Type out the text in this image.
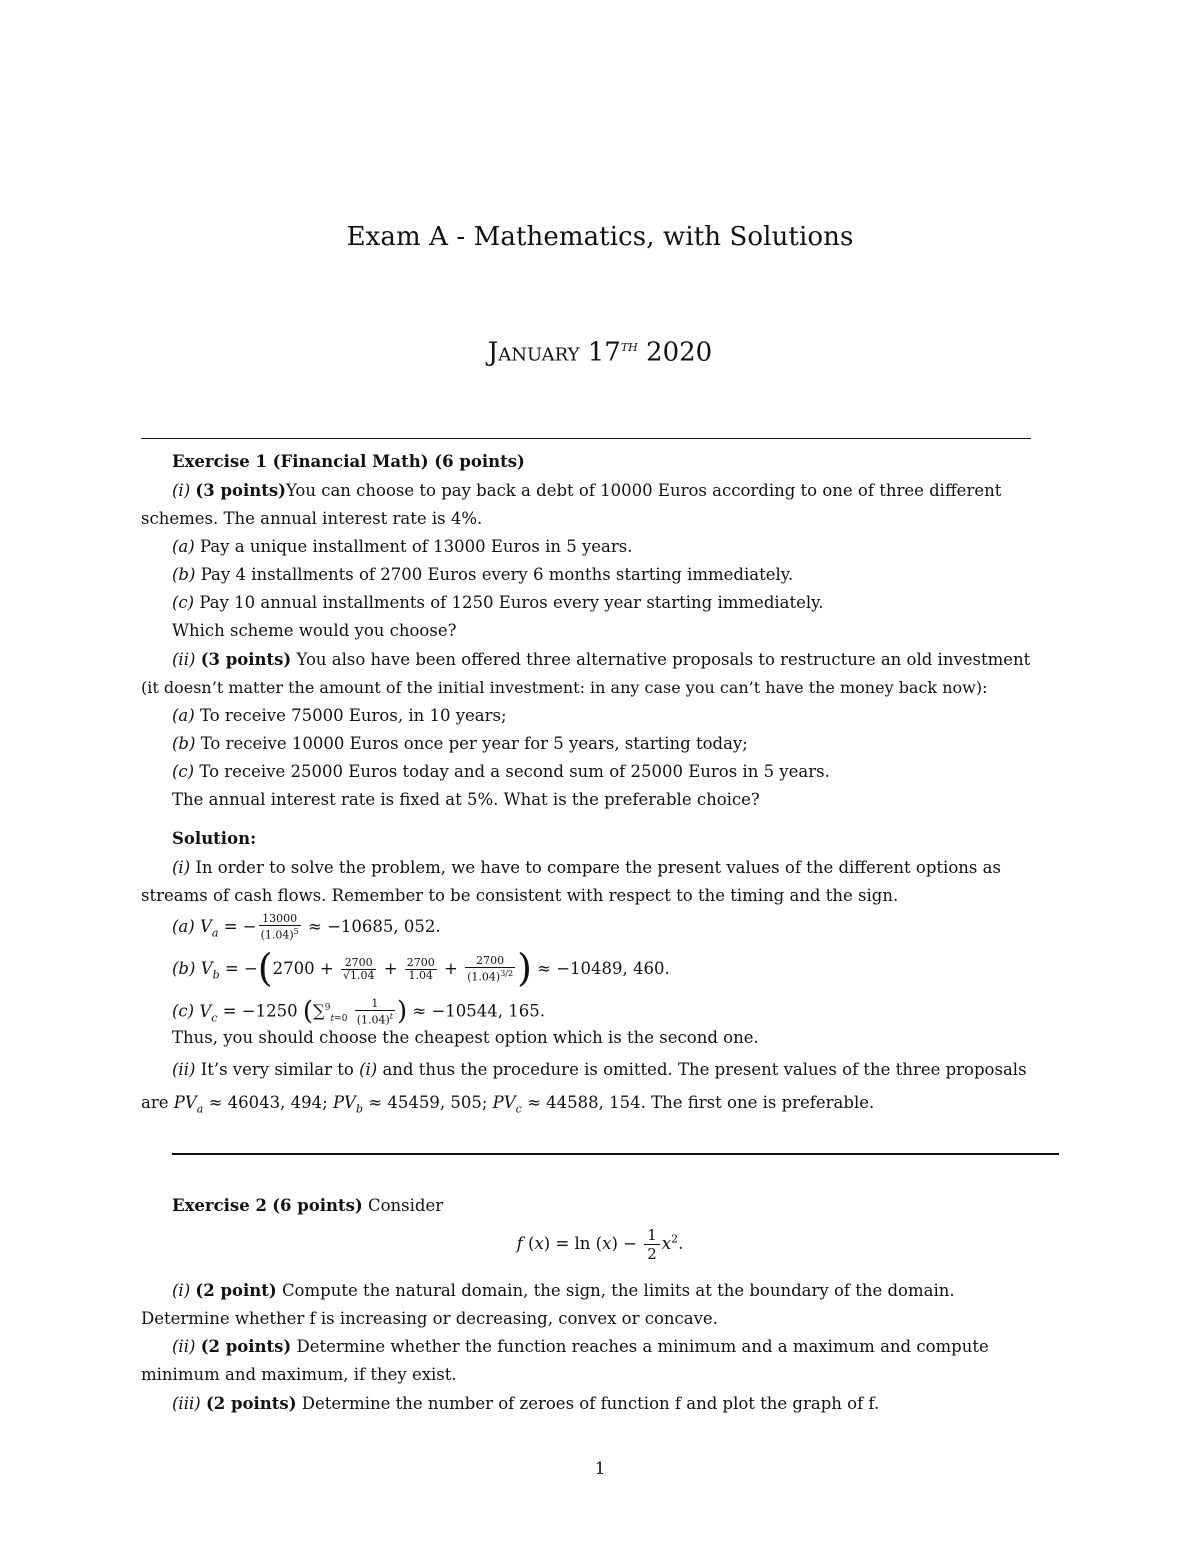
Exam A - Mathematics, with Solutions
January 17th 2020
Exercise 1 (Financial Math) (6 points)
(i) (3 points)You can choose to pay back a debt of 10000 Euros according to one of three different
schemes. The annual interest rate is 4%.
(a) Pay a unique installment of 13000 Euros in 5 years.
(b) Pay 4 installments of 2700 Euros every 6 months starting immediately.
(c) Pay 10 annual installments of 1250 Euros every year starting immediately.
Which scheme would you choose?
(ii) (3 points) You also have been offered three alternative proposals to restructure an old investment
(it doesn’t matter the amount of the initial investment: in any case you can’t have the money back now):
(a) To receive 75000 Euros, in 10 years;
(b) To receive 10000 Euros once per year for 5 years, starting today;
(c) To receive 25000 Euros today and a second sum of 25000 Euros in 5 years.
The annual interest rate is fixed at 5%. What is the preferable choice?
Solution:
(i) In order to solve the problem, we have to compare the present values of the different options as
streams of cash flows. Remember to be consistent with respect to the timing and the sign.
(a) $V_a$ = − $\frac{13000}{(1.04)^5} \approx -10685$, 052.
(b) $V_b = -(2700 + \frac{2700}{√1.04} + \frac{2700}{1.04} + \frac{2700}{(1.04)^{3/2}}$ ) ≈ −10489, 460.
(c) $V_c = -1250$ ($\sum^9_{t=0} \frac{1}{(1.04)^t}$ ) ≈ −10544, 165.
Thus, you should choose the cheapest option which is the second one.
(ii) It’s very similar to (i) and thus the procedure is omitted. The present values of the three proposals
are $PV_a \approx 46043$, 494; $PV_b \approx 45459$, 505; $PV_c \approx 44588$, 154. The first one is preferable.
Exercise 2 (6 points) Consider
f $(x) = \ln (x) - \frac{1}{2} x^2$.
(i) (2 point) Compute the natural domain, the sign, the limits at the boundary of the domain.
Determine whether f is increasing or decreasing, convex or concave.
(ii) (2 points) Determine whether the function reaches a minimum and a maximum and compute
minimum and maximum, if they exist.
(iii) (2 points) Determine the number of zeroes of function f and plot the graph of f.
1
